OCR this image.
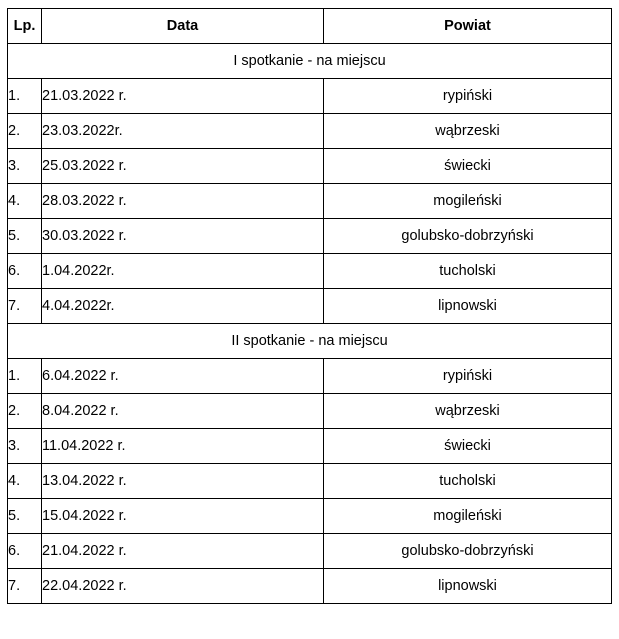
Lp.	Data	Powiat
I spotkanie - na miejscu		
1.	21.03.2022 r.	rypiński
2.	23.03.2022r.	wąbrzeski
3.	25.03.2022 r.	świecki
4.	28.03.2022 r.	mogileński
5.	30.03.2022 r.	golubsko-dobrzyński
6.	1.04.2022r.	tucholski
7.	4.04.2022r.	lipnowski
II spotkanie - na miejscu		
1.	6.04.2022 r.	rypiński
2.	8.04.2022 r.	wąbrzeski
3.	11.04.2022 r.	świecki
4.	13.04.2022 r.	tucholski
5.	15.04.2022 r.	mogileński
6.	21.04.2022 r.	golubsko-dobrzyński
7.	22.04.2022 r.	lipnowski
